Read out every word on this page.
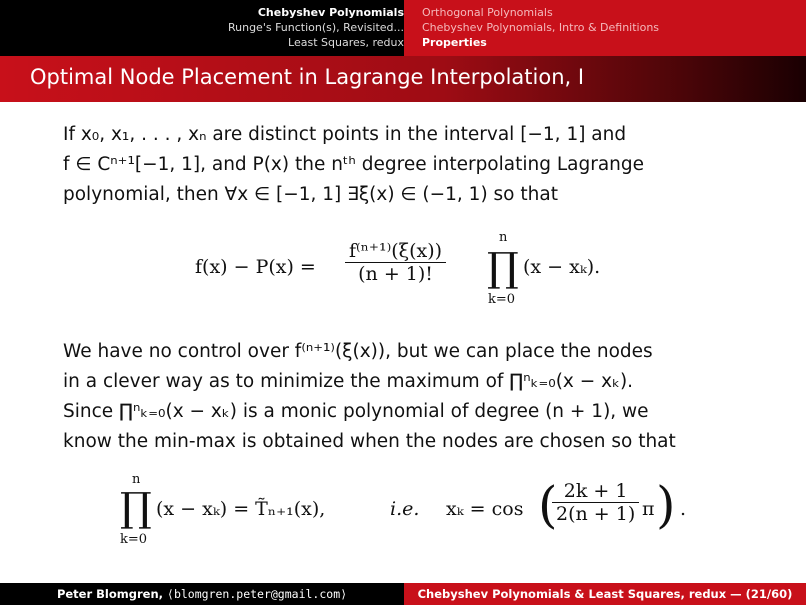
Chebyshev Polynomials
Runge's Function(s), Revisited...
Least Squares, redux
Orthogonal Polynomials
Chebyshev Polynomials, Intro & Definitions
Properties
Optimal Node Placement in Lagrange Interpolation, I
If x₀, x₁, . . . , xₙ are distinct points in the interval [−1, 1] and
f ∈ Cⁿ⁺¹[−1, 1], and P(x) the nᵗʰ degree interpolating Lagrange
polynomial, then ∀x ∈ [−1, 1] ∃ξ(x) ∈ (−1, 1) so that
$f(x) - P(x) = \frac{\text{f⁽ⁿ⁺¹⁾(ξ(x))}}{(n + 1)!}$
n
∏
k=0
(x − xₖ).
We have no control over f⁽ⁿ⁺¹⁾(ξ(x)), but we can place the nodes
in a clever way as to minimize the maximum of ∏ⁿₖ₌₀(x − xₖ).
Since ∏ⁿₖ₌₀(x − xₖ) is a monic polynomial of degree (n + 1), we
know the min-max is obtained when the nodes are chosen so that
n
∏
k=0
(x − xₖ) = T̃ₙ₊₁(x),	i.e. xₖ = cos (
$\frac{2k + 1}{2(n + 1)}$ π ) .
Peter Blomgren, ⟨blomgren.peter@gmail.com⟩	Chebyshev Polynomials & Least Squares, redux — (21/60)
